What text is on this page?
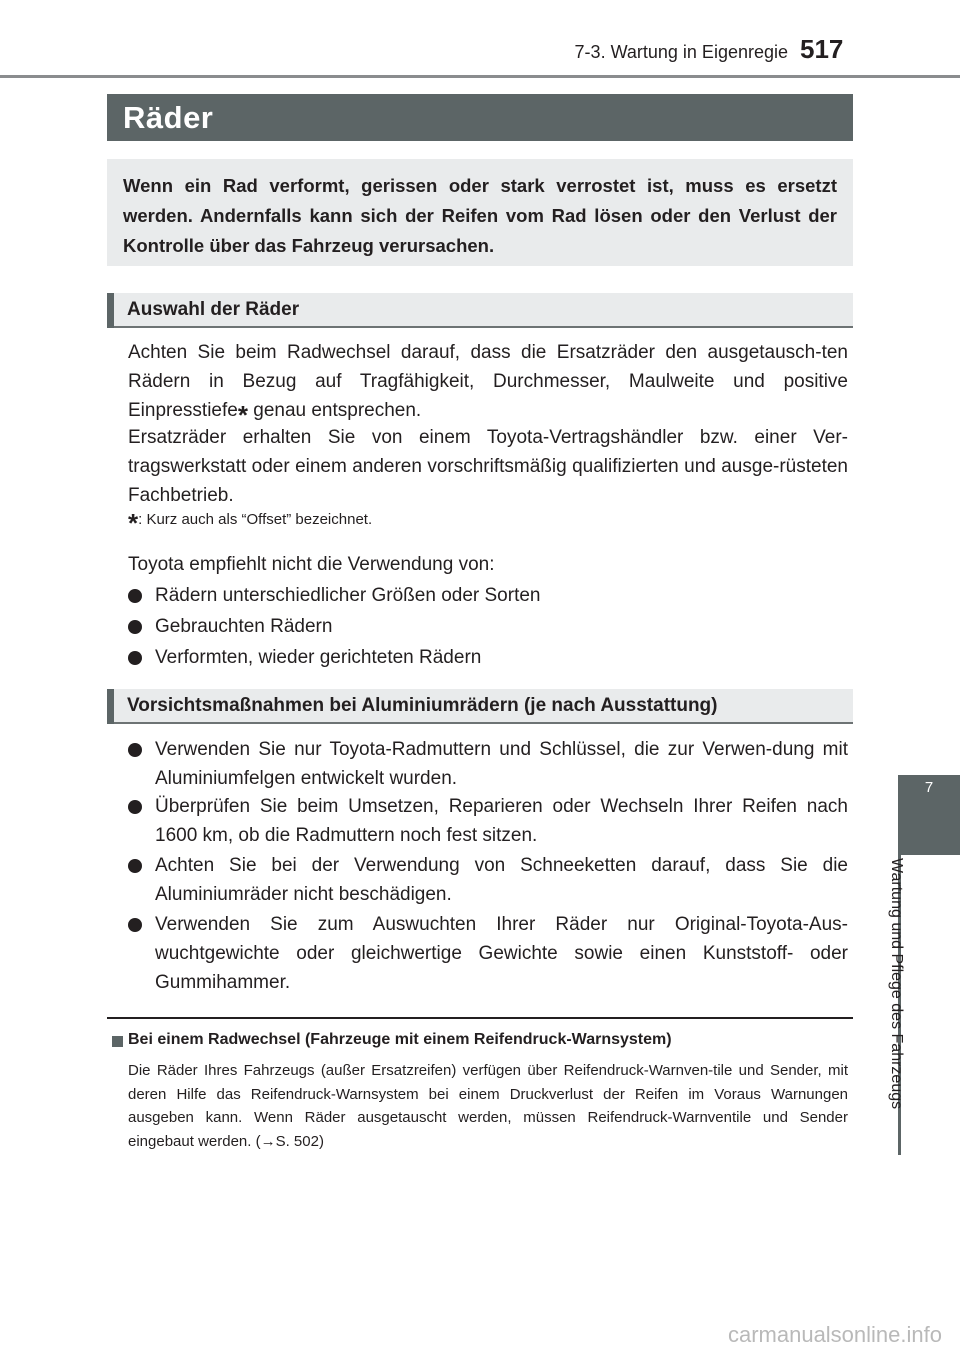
7-3. Wartung in Eigenregie 517
Räder
Wenn ein Rad verformt, gerissen oder stark verrostet ist, muss es ersetzt werden. Andernfalls kann sich der Reifen vom Rad lösen oder den Verlust der Kontrolle über das Fahrzeug verursachen.
Auswahl der Räder
Achten Sie beim Radwechsel darauf, dass die Ersatzräder den ausgetausch-ten Rädern in Bezug auf Tragfähigkeit, Durchmesser, Maulweite und positive Einpresstiefe* genau entsprechen.
Ersatzräder erhalten Sie von einem Toyota-Vertragshändler bzw. einer Ver-tragswerkstatt oder einem anderen vorschriftsmäßig qualifizierten und ausge-rüsteten Fachbetrieb.
*: Kurz auch als “Offset” bezeichnet.
Toyota empfiehlt nicht die Verwendung von:
Rädern unterschiedlicher Größen oder Sorten
Gebrauchten Rädern
Verformten, wieder gerichteten Rädern
Vorsichtsmaßnahmen bei Aluminiumrädern (je nach Ausstattung)
Verwenden Sie nur Toyota-Radmuttern und Schlüssel, die zur Verwen-dung mit Aluminiumfelgen entwickelt wurden.
Überprüfen Sie beim Umsetzen, Reparieren oder Wechseln Ihrer Reifen nach 1600 km, ob die Radmuttern noch fest sitzen.
Achten Sie bei der Verwendung von Schneeketten darauf, dass Sie die Aluminiumräder nicht beschädigen.
Verwenden Sie zum Auswuchten Ihrer Räder nur Original-Toyota-Aus-wuchtgewichte oder gleichwertige Gewichte sowie einen Kunststoff- oder Gummihammer.
Bei einem Radwechsel (Fahrzeuge mit einem Reifendruck-Warnsystem)
Die Räder Ihres Fahrzeugs (außer Ersatzreifen) verfügen über Reifendruck-Warnven-tile und Sender, mit deren Hilfe das Reifendruck-Warnsystem bei einem Druckverlust der Reifen im Voraus Warnungen ausgeben kann. Wenn Räder ausgetauscht werden, müssen Reifendruck-Warnventile und Sender eingebaut werden. (→S. 502)
7
Wartung und Pflege des Fahrzeugs
carmanualsonline.info
